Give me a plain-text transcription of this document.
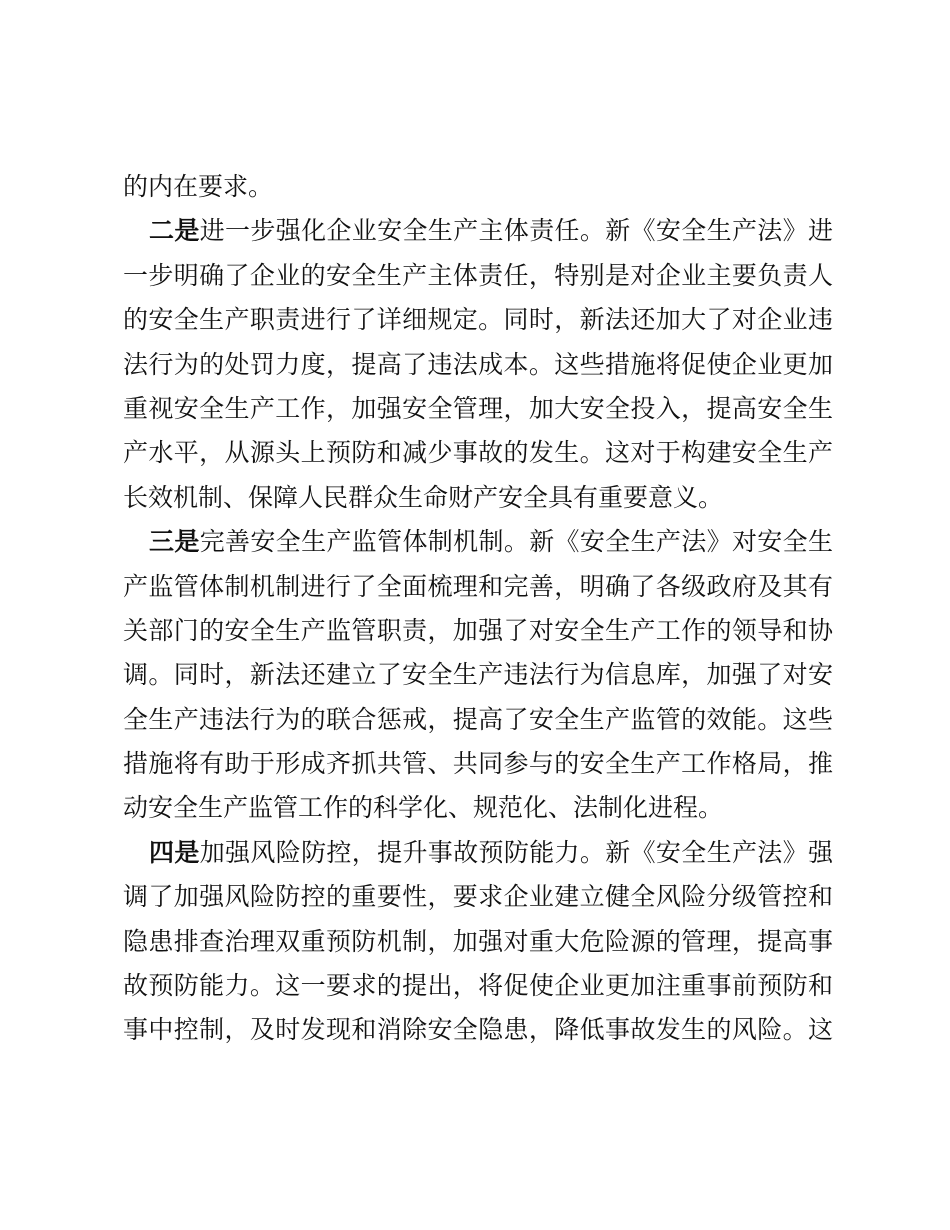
的内在要求。
二是进一步强化企业安全生产主体责任。新《安全生产法》进
一步明确了企业的安全生产主体责任，特别是对企业主要负责人
的安全生产职责进行了详细规定。同时，新法还加大了对企业违
法行为的处罚力度，提高了违法成本。这些措施将促使企业更加
重视安全生产工作，加强安全管理，加大安全投入，提高安全生
产水平，从源头上预防和减少事故的发生。这对于构建安全生产
长效机制、保障人民群众生命财产安全具有重要意义。
三是完善安全生产监管体制机制。新《安全生产法》对安全生
产监管体制机制进行了全面梳理和完善，明确了各级政府及其有
关部门的安全生产监管职责，加强了对安全生产工作的领导和协
调。同时，新法还建立了安全生产违法行为信息库，加强了对安
全生产违法行为的联合惩戒，提高了安全生产监管的效能。这些
措施将有助于形成齐抓共管、共同参与的安全生产工作格局，推
动安全生产监管工作的科学化、规范化、法制化进程。
四是加强风险防控，提升事故预防能力。新《安全生产法》强
调了加强风险防控的重要性，要求企业建立健全风险分级管控和
隐患排查治理双重预防机制，加强对重大危险源的管理，提高事
故预防能力。这一要求的提出，将促使企业更加注重事前预防和
事中控制，及时发现和消除安全隐患，降低事故发生的风险。这
